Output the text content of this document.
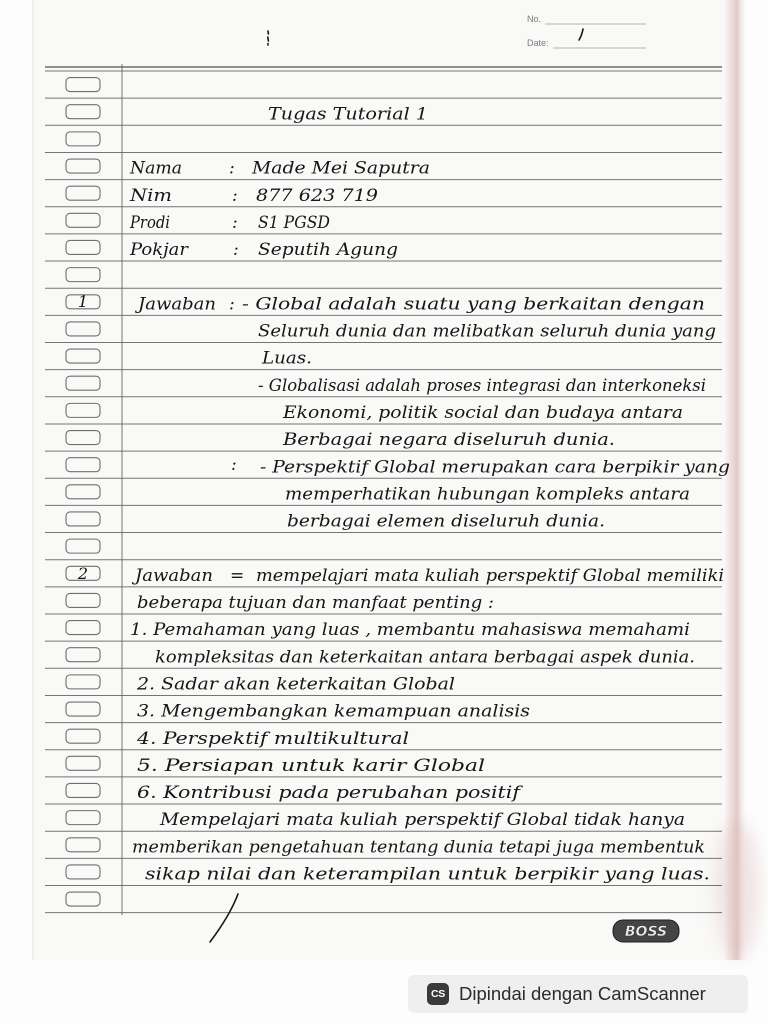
No.
Date:
Tugas Tutorial 1
Nama	: Made Mei Saputra
Nim	: 877 623 719
Prodi	: S1 PGSD
Pokjar	: Seputih Agung
1	Jawaban : - Global adalah suatu yang berkaitan dengan
Seluruh dunia dan melibatkan seluruh dunia yang
Luas.
- Globalisasi adalah proses integrasi dan interkoneksi
Ekonomi, politik social dan budaya antara
Berbagai negara diseluruh dunia.
: - Perspektif Global merupakan cara berpikir yang
memperhatikan hubungan kompleks antara
berbagai elemen diseluruh dunia.
2	Jawaban = mempelajari mata kuliah perspektif Global memiliki
beberapa tujuan dan manfaat penting :
1. Pemahaman yang luas , membantu mahasiswa memahami
kompleksitas dan keterkaitan antara berbagai aspek dunia.
2. Sadar akan keterkaitan Global
3. Mengembangkan kemampuan analisis
4. Perspektif multikultural
5. Persiapan untuk karir Global
6. Kontribusi pada perubahan positif
Mempelajari mata kuliah perspektif Global tidak hanya
memberikan pengetahuan tentang dunia tetapi juga membentuk
sikap nilai dan keterampilan untuk berpikir yang luas.
BOSS
CS Dipindai dengan CamScanner
